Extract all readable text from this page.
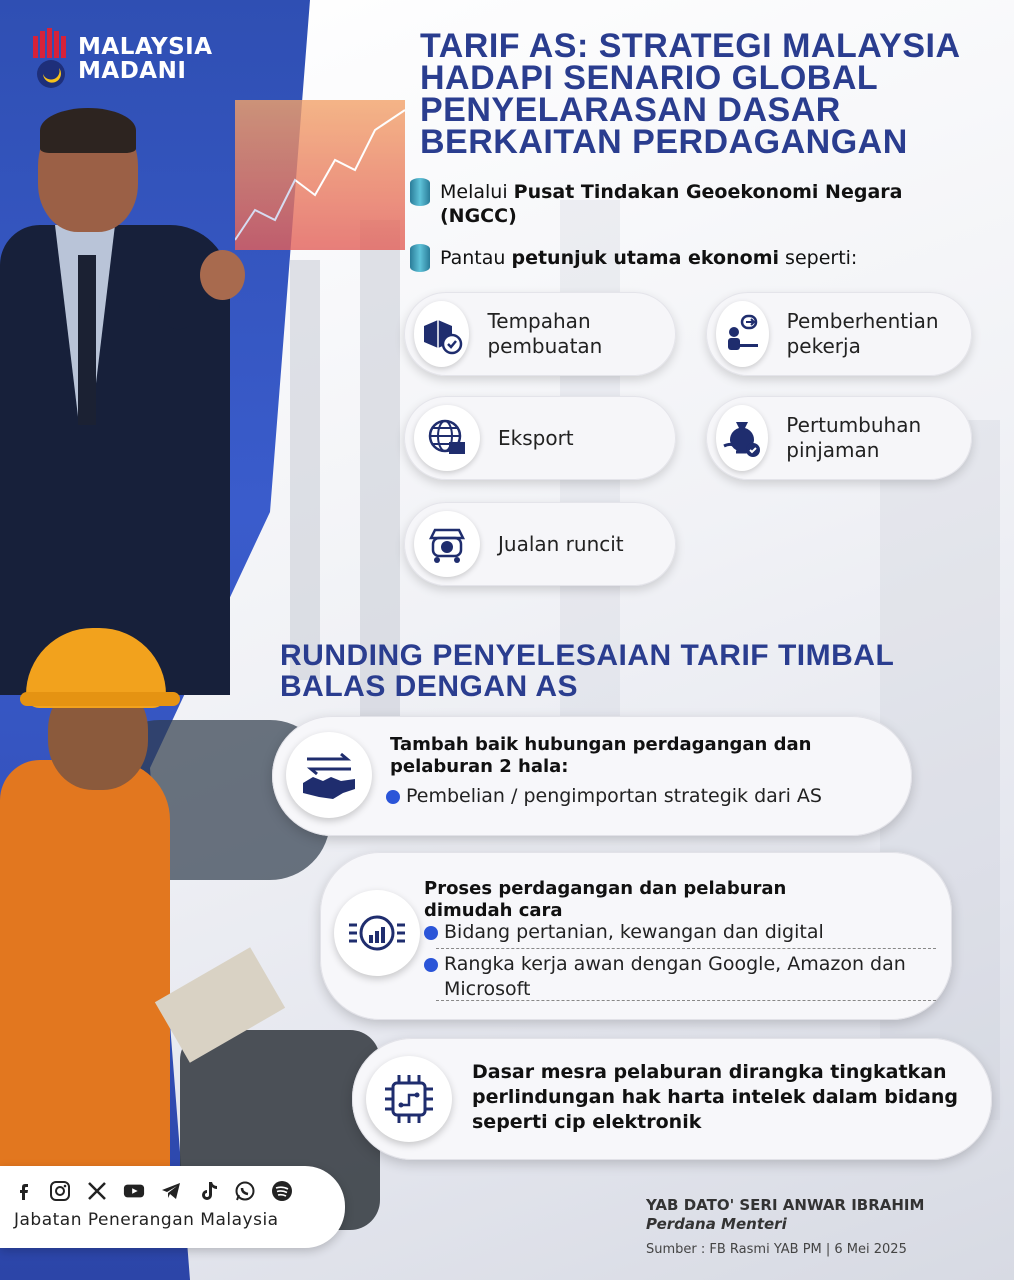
MALAYSIA
MADANI
TARIF AS: STRATEGI MALAYSIA HADAPI SENARIO GLOBAL PENYELARASAN DASAR BERKAITAN PERDAGANGAN
Melalui Pusat Tindakan Geoekonomi Negara (NGCC)
Pantau petunjuk utama ekonomi seperti:
Tempahan pembuatan
Pemberhentian pekerja
Eksport
Pertumbuhan pinjaman
Jualan runcit
RUNDING PENYELESAIAN TARIF TIMBAL BALAS DENGAN AS
Tambah baik hubungan perdagangan dan pelaburan 2 hala:
Pembelian / pengimportan strategik dari AS
Proses perdagangan dan pelaburan dimudah cara
Bidang pertanian, kewangan dan digital
Rangka kerja awan dengan Google, Amazon dan Microsoft
Dasar mesra pelaburan dirangka tingkatkan perlindungan hak harta intelek dalam bidang seperti cip elektronik
Jabatan Penerangan Malaysia
YAB DATO' SERI ANWAR IBRAHIM
Perdana Menteri
Sumber : FB Rasmi YAB PM | 6 Mei 2025
